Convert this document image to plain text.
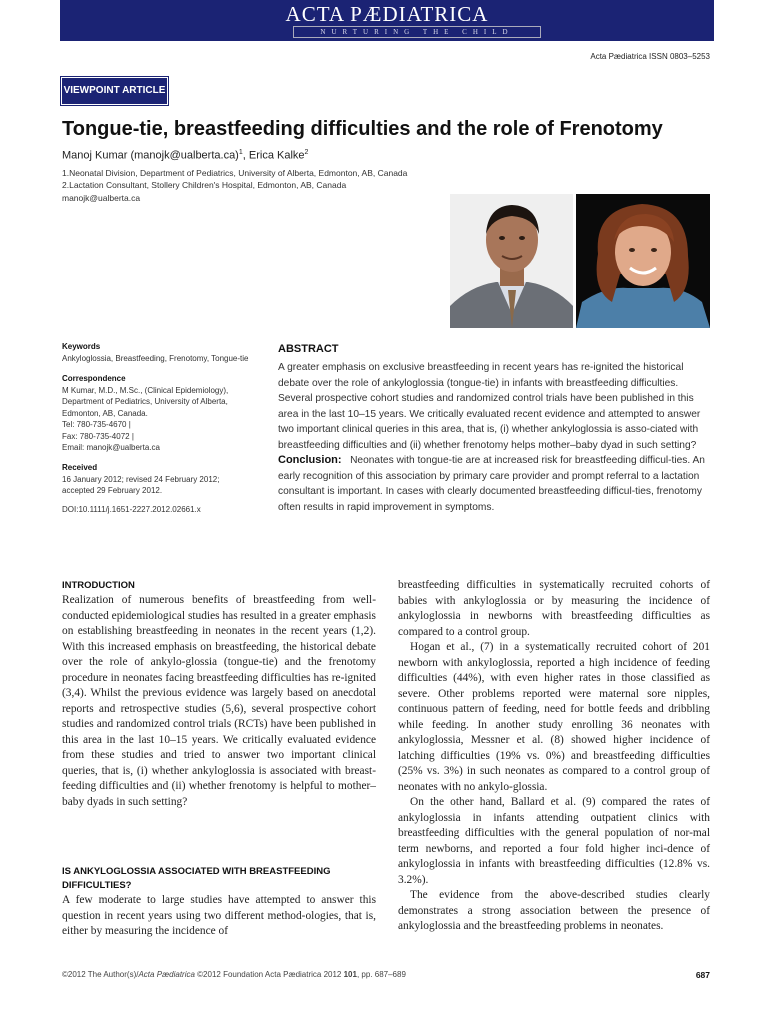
ACTA PÆDIATRICA
NURTURING THE CHILD
Acta Pædiatrica ISSN 0803–5253
VIEWPOINT ARTICLE
Tongue-tie, breastfeeding difficulties and the role of Frenotomy
Manoj Kumar (manojk@ualberta.ca)$^1$, Erica Kalke$^2$
1.Neonatal Division, Department of Pediatrics, University of Alberta, Edmonton, AB, Canada
2.Lactation Consultant, Stollery Children's Hospital, Edmonton, AB, Canada
manojk@ualberta.ca
Keywords
Ankyloglossia, Breastfeeding, Frenotomy, Tongue-tie
Correspondence
M Kumar, M.D., M.Sc., (Clinical Epidemiology),
Department of Pediatrics, University of Alberta,
Edmonton, AB, Canada.
Tel: 780-735-4670 |
Fax: 780-735-4072 |
Email: manojk@ualberta.ca
Received
16 January 2012; revised 24 February 2012;
accepted 29 February 2012.
DOI:10.1111/j.1651-2227.2012.02661.x
ABSTRACT
A greater emphasis on exclusive breastfeeding in recent years has re-ignited the historical debate over the role of ankyloglossia (tongue-tie) in infants with breastfeeding difficulties. Several prospective cohort studies and randomized control trials have been published in this area in the last 10–15 years. We critically evaluated recent evidence and attempted to answer two important clinical queries in this area, that is, (i) whether ankyloglossia is asso-ciated with breastfeeding difficulties and (ii) whether frenotomy helps mother–baby dyad in such setting?
Conclusion: Neonates with tongue-tie are at increased risk for breastfeeding difficul-ties. An early recognition of this association by primary care provider and prompt referral to a lactation consultant is important. In cases with clearly documented breastfeeding difficul-ties, frenotomy often results in rapid improvement in symptoms.
INTRODUCTION

Realization of numerous benefits of breastfeeding from well-conducted epidemiological studies has resulted in a greater emphasis on establishing breastfeeding in neonates in the recent years (1,2). With this increased emphasis on breastfeeding, the historical debate over the role of ankylo-glossia (tongue-tie) and the frenotomy procedure in neonates facing breastfeeding difficulties has re-ignited (3,4). Whilst the previous evidence was largely based on anecdotal reports and retrospective studies (5,6), several prospective cohort studies and randomized control trials (RCTs) have been published in this area in the last 10–15 years. We critically evaluated evidence from these studies and tried to answer two important clinical queries, that is, (i) whether ankyloglossia is associated with breast-feeding difficulties and (ii) whether frenotomy is helpful to mother–baby dyads in such setting?

IS ANKYLOGLOSSIA ASSOCIATED WITH BREASTFEEDING
DIFFICULTIES?

A few moderate to large studies have attempted to answer this question in recent years using two different method-ologies, that is, either by measuring the incidence of

breastfeeding difficulties in systematically recruited cohorts of babies with ankyloglossia or by measuring the incidence of ankyloglossia in newborns with breastfeeding difficulties as compared to a control group.

Hogan et al., (7) in a systematically recruited cohort of 201 newborn with ankyloglossia, reported a high incidence of feeding difficulties (44%), with even higher rates in those classified as severe. Other problems reported were maternal sore nipples, continuous pattern of feeding, need for bottle feeds and dribbling while feeding. In another study enrolling 36 neonates with ankyloglossia, Messner et al. (8) showed higher incidence of latching difficulties (19% vs. 0%) and breastfeeding difficulties (25% vs. 3%) in such neonates as compared to a control group of neonates with no ankylo-glossia.

On the other hand, Ballard et al. (9) compared the rates of ankyloglossia in infants attending outpatient clinics with breastfeeding difficulties with the general population of nor-mal term newborns, and reported a four fold higher inci-dence of ankyloglossia in infants with breastfeeding difficulties (12.8% vs. 3.2%).

The evidence from the above-described studies clearly demonstrates a strong association between the presence of ankyloglossia and the breastfeeding problems in neonates.

©2012 The Author(s)/Acta Pædiatrica ©2012 Foundation Acta Pædiatrica 2012 101, pp. 687–689	687
